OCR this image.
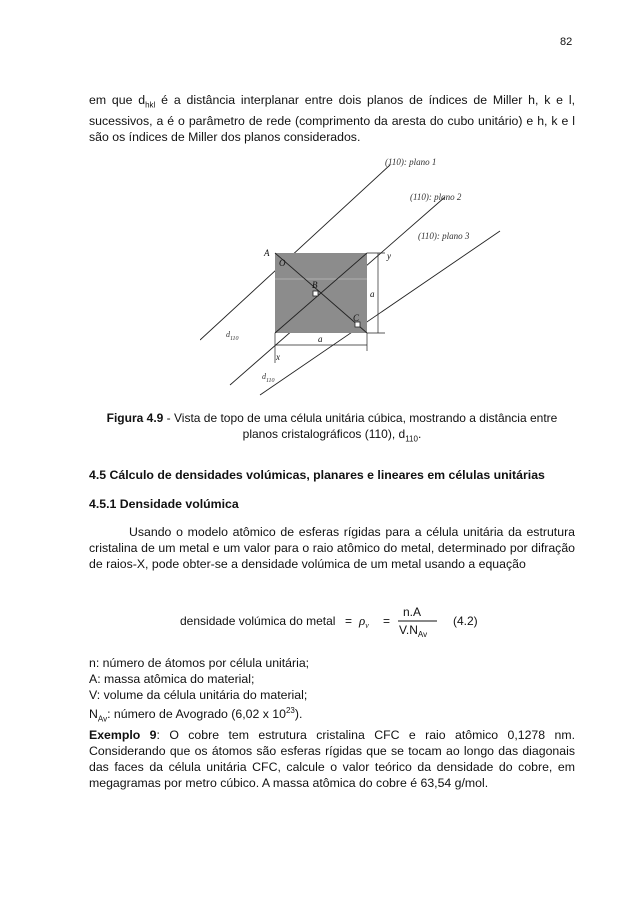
82
em que $d_{hkl}$ é a distância interplanar entre dois planos de índices de Miller h, k e l, sucessivos, a é o parâmetro de rede (comprimento da aresta do cubo unitário) e h, k e l são os índices de Miller dos planos considerados.
(110): plano 1
(110): plano 2
(110): plano 3
A
O
B
C
y
a
a
x
$d_{110}$
$d_{110}$
Figura 4.9 - Vista de topo de uma célula unitária cúbica, mostrando a distância entre planos cristalográficos (110), $d_{110}$.
4.5 Cálculo de densidades volúmicas, planares e lineares em células unitárias
4.5.1 Densidade volúmica
Usando o modelo atômico de esferas rígidas para a célula unitária da estrutura cristalina de um metal e um valor para o raio atômico do metal, determinado por difração de raios-X, pode obter-se a densidade volúmica de um metal usando a equação
densidade volúmica do metal = $\rho_v$ =
n.A
$V.N_{Av}$
(4.2)
n: número de átomos por célula unitária;
A: massa atômica do material;
V: volume da célula unitária do material;
$N_{Av}$: número de Avogrado (6,02 x $10^{23}$).
Exemplo 9: O cobre tem estrutura cristalina CFC e raio atômico 0,1278 nm. Considerando que os átomos são esferas rígidas que se tocam ao longo das diagonais das faces da célula unitária CFC, calcule o valor teórico da densidade do cobre, em megagramas por metro cúbico. A massa atômica do cobre é 63,54 g/mol.
